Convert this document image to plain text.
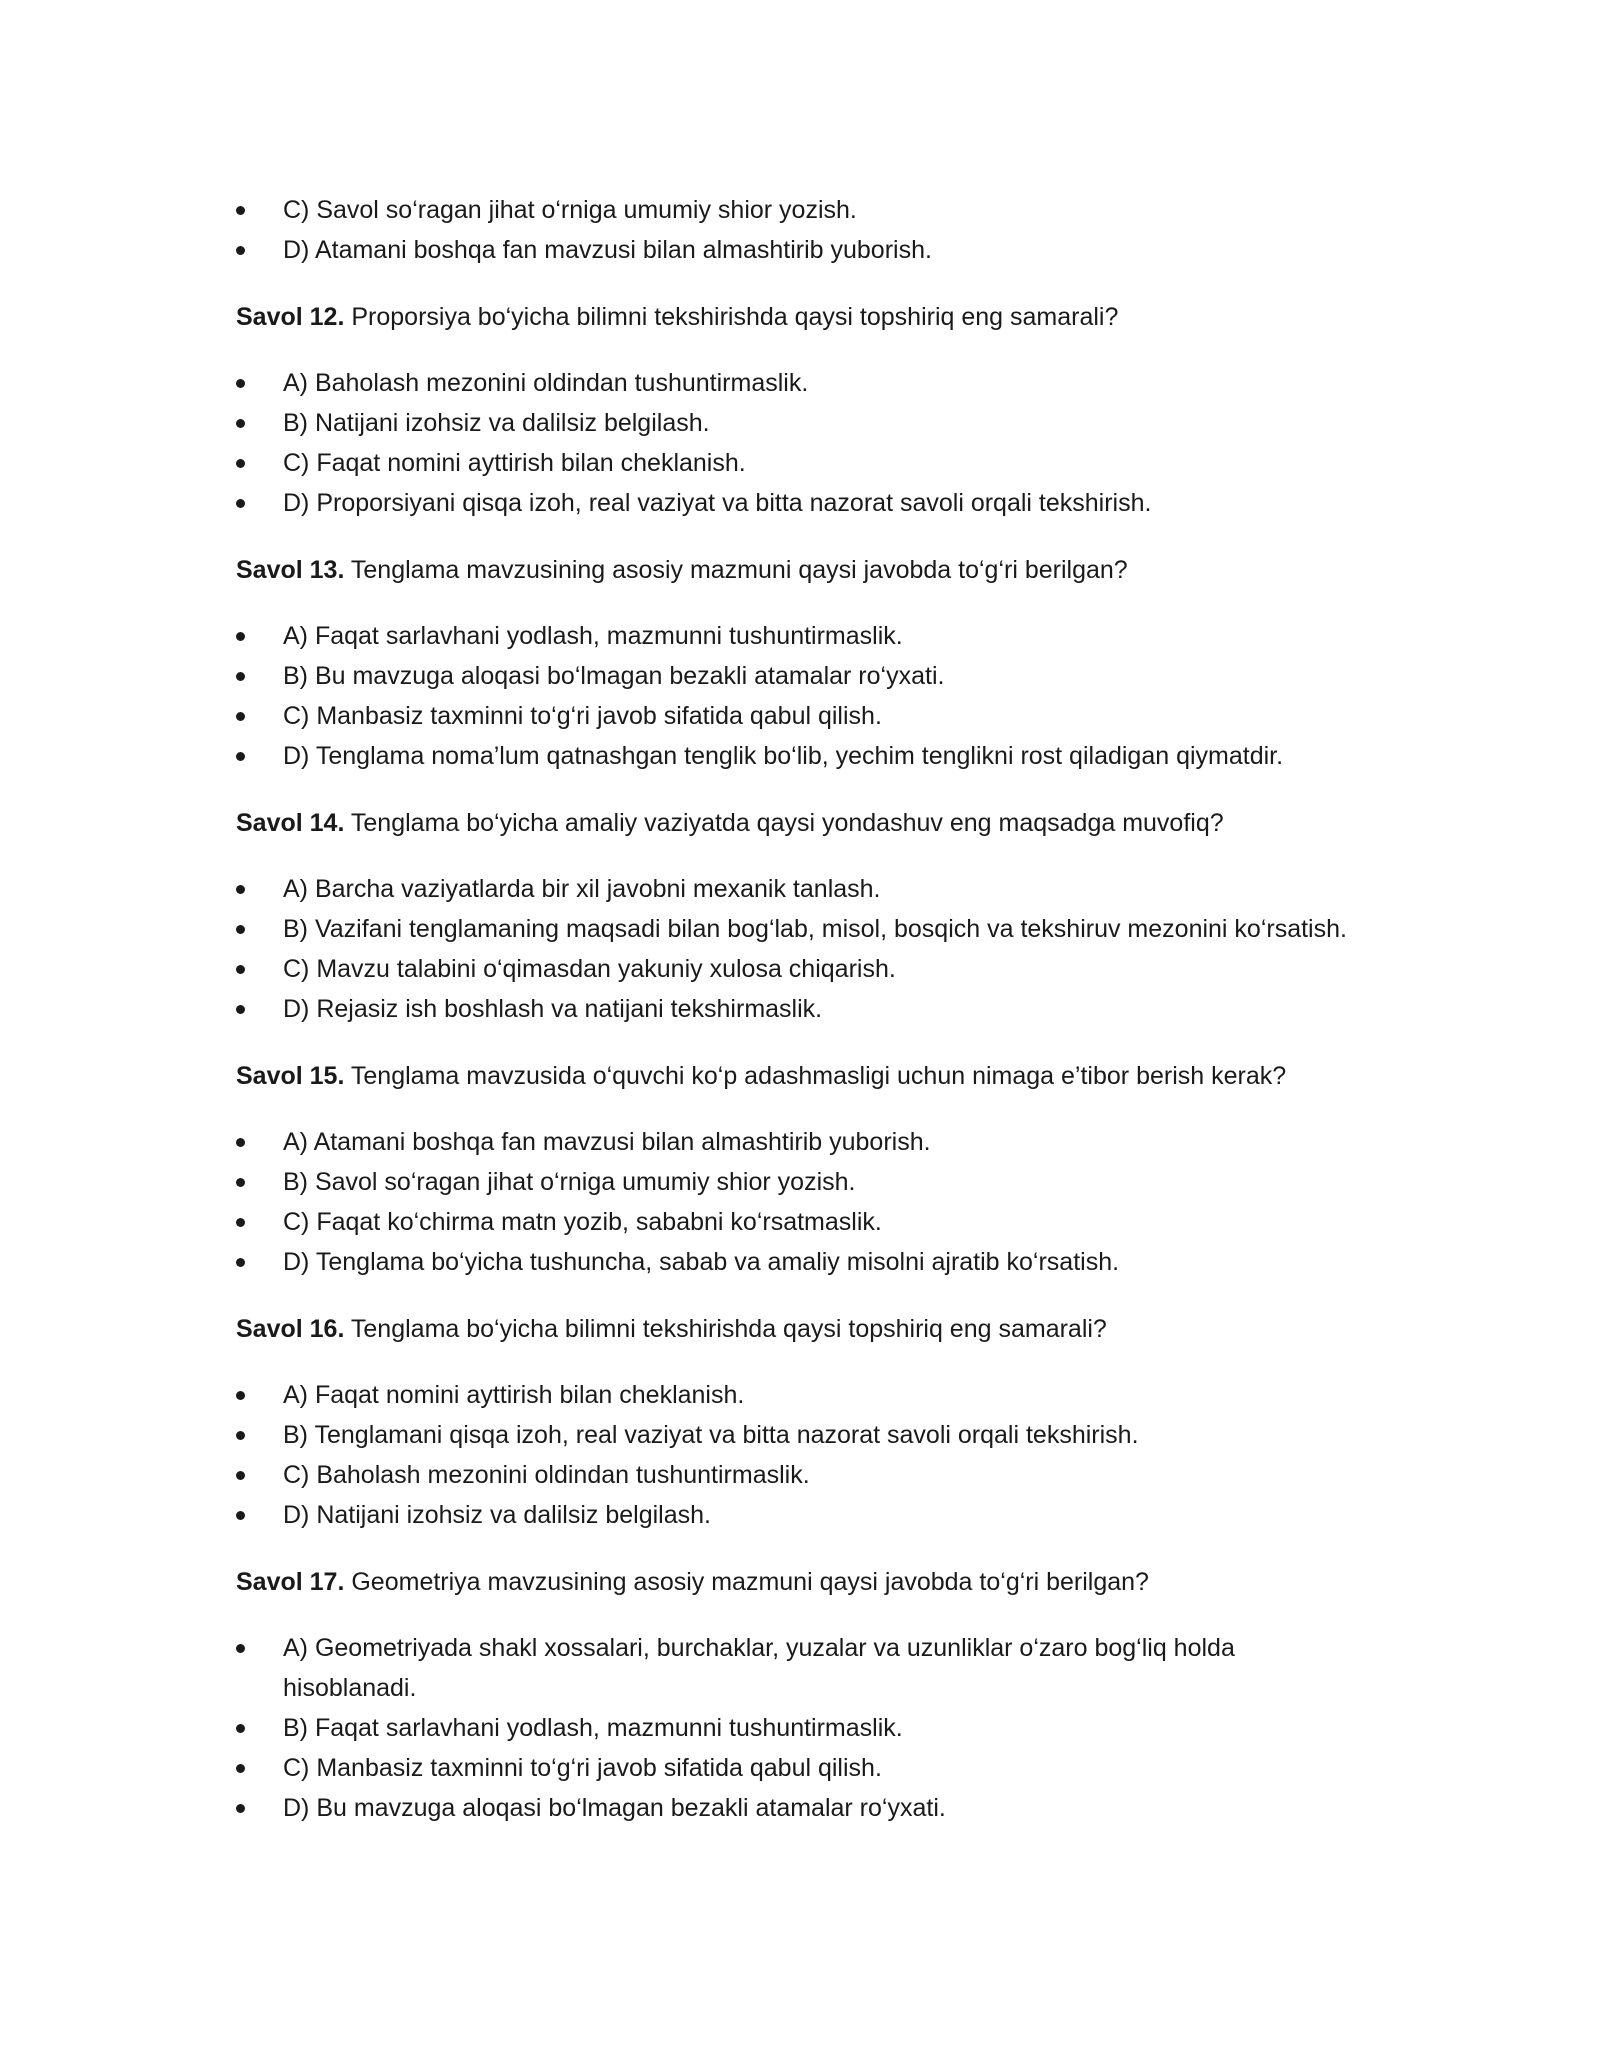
C) Savol so‘ragan jihat o‘rniga umumiy shior yozish.
D) Atamani boshqa fan mavzusi bilan almashtirib yuborish.

Savol 12. Proporsiya bo‘yicha bilimni tekshirishda qaysi topshiriq eng samarali?

A) Baholash mezonini oldindan tushuntirmaslik.
B) Natijani izohsiz va dalilsiz belgilash.
C) Faqat nomini ayttirish bilan cheklanish.
D) Proporsiyani qisqa izoh, real vaziyat va bitta nazorat savoli orqali tekshirish.

Savol 13. Tenglama mavzusining asosiy mazmuni qaysi javobda to‘g‘ri berilgan?

A) Faqat sarlavhani yodlash, mazmunni tushuntirmaslik.
B) Bu mavzuga aloqasi bo‘lmagan bezakli atamalar ro‘yxati.
C) Manbasiz taxminni to‘g‘ri javob sifatida qabul qilish.
D) Tenglama noma’lum qatnashgan tenglik bo‘lib, yechim tenglikni rost qiladigan qiymatdir.

Savol 14. Tenglama bo‘yicha amaliy vaziyatda qaysi yondashuv eng maqsadga muvofiq?

A) Barcha vaziyatlarda bir xil javobni mexanik tanlash.
B) Vazifani tenglamaning maqsadi bilan bog‘lab, misol, bosqich va tekshiruv mezonini ko‘rsatish.
C) Mavzu talabini o‘qimasdan yakuniy xulosa chiqarish.
D) Rejasiz ish boshlash va natijani tekshirmaslik.

Savol 15. Tenglama mavzusida o‘quvchi ko‘p adashmasligi uchun nimaga e’tibor berish kerak?

A) Atamani boshqa fan mavzusi bilan almashtirib yuborish.
B) Savol so‘ragan jihat o‘rniga umumiy shior yozish.
C) Faqat ko‘chirma matn yozib, sababni ko‘rsatmaslik.
D) Tenglama bo‘yicha tushuncha, sabab va amaliy misolni ajratib ko‘rsatish.

Savol 16. Tenglama bo‘yicha bilimni tekshirishda qaysi topshiriq eng samarali?

A) Faqat nomini ayttirish bilan cheklanish.
B) Tenglamani qisqa izoh, real vaziyat va bitta nazorat savoli orqali tekshirish.
C) Baholash mezonini oldindan tushuntirmaslik.
D) Natijani izohsiz va dalilsiz belgilash.

Savol 17. Geometriya mavzusining asosiy mazmuni qaysi javobda to‘g‘ri berilgan?

A) Geometriyada shakl xossalari, burchaklar, yuzalar va uzunliklar o‘zaro bog‘liq holda hisoblanadi.
B) Faqat sarlavhani yodlash, mazmunni tushuntirmaslik.
C) Manbasiz taxminni to‘g‘ri javob sifatida qabul qilish.
D) Bu mavzuga aloqasi bo‘lmagan bezakli atamalar ro‘yxati.
